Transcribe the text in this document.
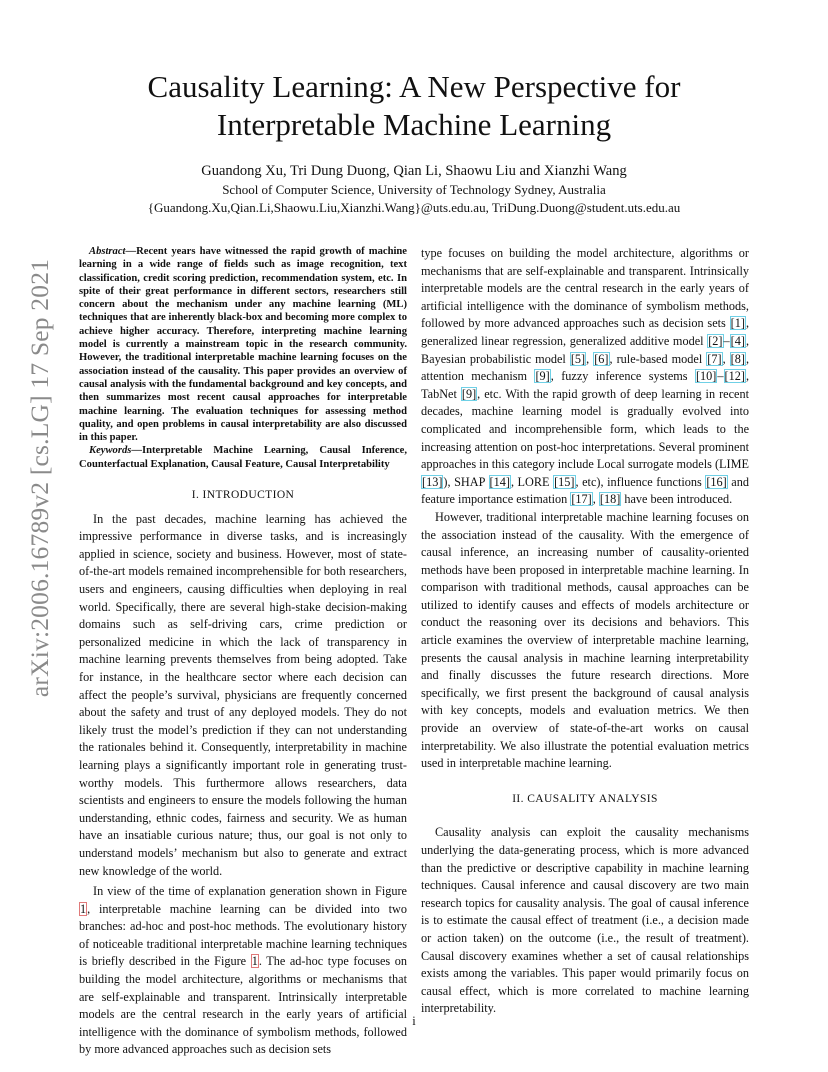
Causality Learning: A New Perspective for
Interpretable Machine Learning
Guandong Xu, Tri Dung Duong, Qian Li, Shaowu Liu and Xianzhi Wang
School of Computer Science, University of Technology Sydney, Australia
{Guandong.Xu,Qian.Li,Shaowu.Liu,Xianzhi.Wang}@uts.edu.au, TriDung.Duong@student.uts.edu.au
arXiv:2006.16789v2 [cs.LG] 17 Sep 2021

Abstract—Recent years have witnessed the rapid growth of machine learning in a wide range of fields such as image recognition, text classification, credit scoring prediction, recommendation system, etc. In spite of their great performance in different sectors, researchers still concern about the mechanism under any machine learning (ML) techniques that are inherently black-box and becoming more complex to achieve higher accuracy. Therefore, interpreting machine learning model is currently a mainstream topic in the research community. However, the traditional interpretable machine learning focuses on the association instead of the causality. This paper provides an overview of causal analysis with the fundamental background and key concepts, and then summarizes most recent causal approaches for interpretable machine learning. The evaluation techniques for assessing method quality, and open problems in causal interpretability are also discussed in this paper.

Keywords—Interpretable Machine Learning, Causal Inference, Counterfactual Explanation, Causal Feature, Causal Interpretability

I. INTRODUCTION

In the past decades, machine learning has achieved the impressive performance in diverse tasks, and is increasingly applied in science, society and business. However, most of state-of-the-art models remained incomprehensible for both researchers, users and engineers, causing difficulties when deploying in real world. Specifically, there are several high-stake decision-making domains such as self-driving cars, crime prediction or personalized medicine in which the lack of transparency in machine learning prevents themselves from being adopted. Take for instance, in the healthcare sector where each decision can affect the people’s survival, physicians are frequently concerned about the safety and trust of any deployed models. They do not likely trust the model’s prediction if they can not understanding the rationales behind it. Consequently, interpretability in machine learning plays a significantly important role in generating trust-worthy models. This furthermore allows researchers, data scientists and engineers to ensure the models following the human understanding, ethnic codes, fairness and security. We as human have an insatiable curious nature; thus, our goal is not only to understand models’ mechanism but also to generate and extract new knowledge of the world.

In view of the time of explanation generation shown in Figure 1, interpretable machine learning can be divided into two branches: ad-hoc and post-hoc methods. The evolutionary history of noticeable traditional interpretable machine learning techniques is briefly described in the Figure 1. The ad-hoc type focuses on building the model architecture, algorithms or mechanisms that are self-explainable and transparent. Intrinsically interpretable models are the central research in the early years of artificial intelligence with the dominance of symbolism methods, followed by more advanced approaches such as decision sets

type focuses on building the model architecture, algorithms or mechanisms that are self-explainable and transparent. Intrinsically interpretable models are the central research in the early years of artificial intelligence with the dominance of symbolism methods, followed by more advanced approaches such as decision sets [1], generalized linear regression, generalized additive model [2]–[4], Bayesian probabilistic model [5], [6], rule-based model [7], [8], attention mechanism [9], fuzzy inference systems [10]–[12], TabNet [9], etc. With the rapid growth of deep learning in recent decades, machine learning model is gradually evolved into complicated and incomprehensible form, which leads to the increasing attention on post-hoc interpretations. Several prominent approaches in this category include Local surrogate models (LIME [13]), SHAP [14], LORE [15], etc), influence functions [16] and feature importance estimation [17], [18] have been introduced.

However, traditional interpretable machine learning focuses on the association instead of the causality. With the emergence of causal inference, an increasing number of causality-oriented methods have been proposed in interpretable machine learning. In comparison with traditional methods, causal approaches can be utilized to identify causes and effects of models architecture or conduct the reasoning over its decisions and behaviors. This article examines the overview of interpretable machine learning, presents the causal analysis in machine learning interpretability and finally discusses the future research directions. More specifically, we first present the background of causal analysis with key concepts, models and evaluation metrics. We then provide an overview of state-of-the-art works on causal interpretability. We also illustrate the potential evaluation metrics used in interpretable machine learning.

II. CAUSALITY ANALYSIS

Causality analysis can exploit the causality mechanisms underlying the data-generating process, which is more advanced than the predictive or descriptive capability in machine learning techniques. Causal inference and causal discovery are two main research topics for causality analysis. The goal of causal inference is to estimate the causal effect of treatment (i.e., a decision made or action taken) on the outcome (i.e., the result of treatment). Causal discovery examines whether a set of causal relationships exists among the variables. This paper would primarily focus on causal effect, which is more correlated to machine learning interpretability.

i
